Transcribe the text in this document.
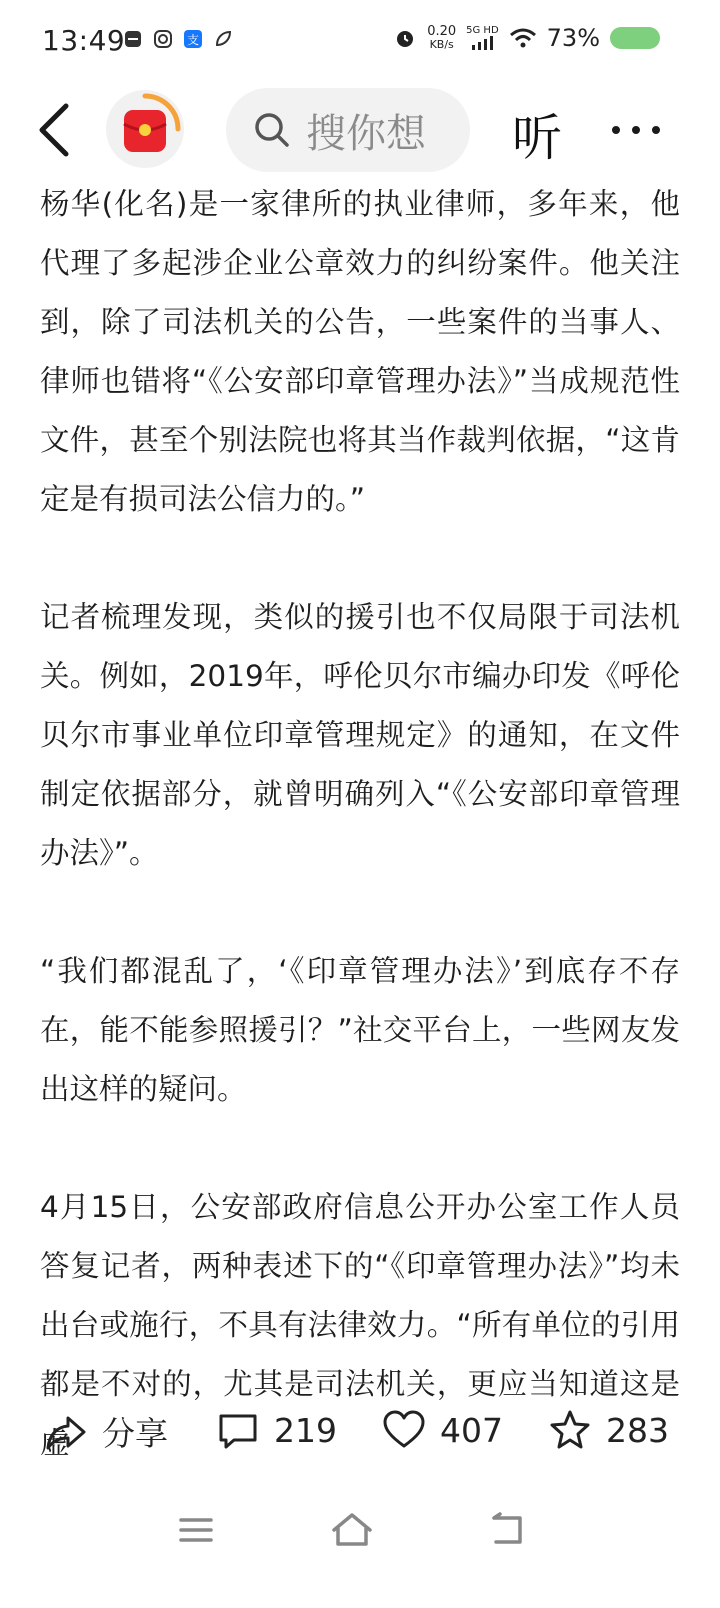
13:49	支
0.20
KB/s
5G HD 73%
搜你想 听

杨华(化名)是一家律所的执业律师，多年来，他代理了多起涉企业公章效力的纠纷案件。他关注到，除了司法机关的公告，一些案件的当事人、律师也错将“《公安部印章管理办法》”当成规范性文件，甚至个别法院也将其当作裁判依据，“这肯定是有损司法公信力的。”

记者梳理发现，类似的援引也不仅局限于司法机关。例如，2019年，呼伦贝尔市编办印发《呼伦贝尔市事业单位印章管理规定》的通知，在文件制定依据部分，就曾明确列入“《公安部印章管理办法》”。

“我们都混乱了，‘《印章管理办法》’到底存不存在，能不能参照援引？”社交平台上，一些网友发出这样的疑问。

4月15日，公安部政府信息公开办公室工作人员答复记者，两种表述下的“《印章管理办法》”均未出台或施行，不具有法律效力。“所有单位的引用都是不对的，尤其是司法机关，更应当知道这是虚 分享	219	407	283
